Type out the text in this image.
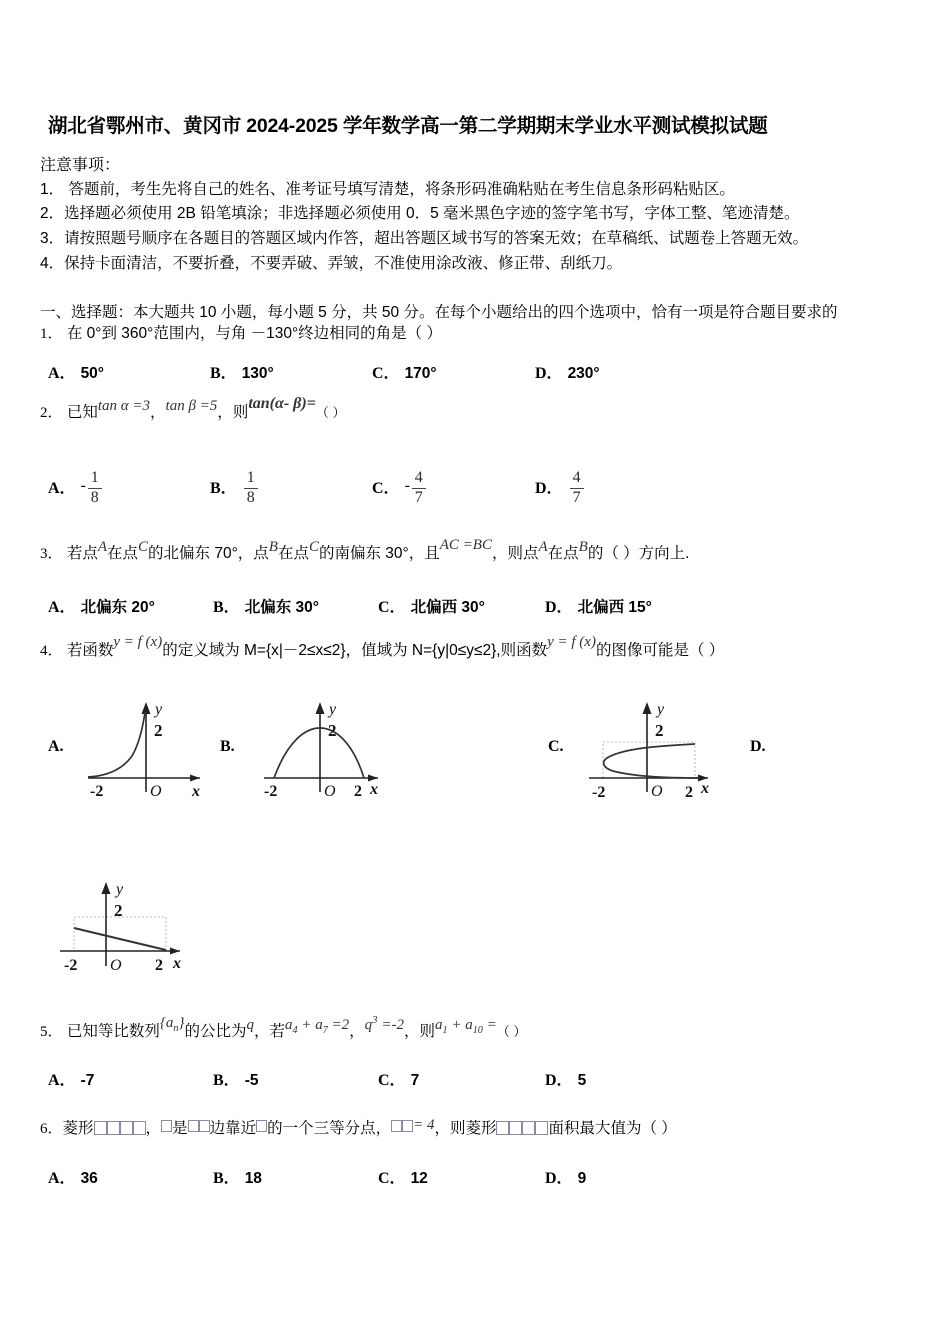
湖北省鄂州市、黄冈市 2024-2025 学年数学高一第二学期期末学业水平测试模拟试题
注意事项：
1． 答题前，考生先将自己的姓名、准考证号填写清楚，将条形码准确粘贴在考生信息条形码粘贴区。
2．选择题必须使用 2B 铅笔填涂；非选择题必须使用 0．5 毫米黑色字迹的签字笔书写，字体工整、笔迹清楚。
3．请按照题号顺序在各题目的答题区域内作答，超出答题区域书写的答案无效；在草稿纸、试题卷上答题无效。
4．保持卡面清洁，不要折叠，不要弄破、弄皱，不准使用涂改液、修正带、刮纸刀。
一、选择题：本大题共 10 小题，每小题 5 分，共 50 分。在每个小题给出的四个选项中，恰有一项是符合题目要求的
1． 在 0°到 360°范围内，与角 －130°终边相同的角是（ ）
A． 50°	B． 130°	C． 170°	D． 230°
2． 已知tan α =3，tan β =5，则tan(α- β)=（ ）
A． - $\frac{1}{8}$	B． $\frac{1}{8}$	C． - $\frac{4}{7}$	D． $\frac{4}{7}$
3． 若点A在点C的北偏东 70°，点B在点C的南偏东 30°，且AC =BC，则点A在点B的（ ）方向上.
A． 北偏东 20°	B． 北偏东 30°	C． 北偏西 30°	D． 北偏西 15°
4． 若函数y = f (x)的定义域为 M={x|－2≤x≤2}，值域为 N={y|0≤y≤2},则函数y = f (x)的图像可能是（ ）
A.
y
2
-2	O x
B.
y
2
-2	O 2 x
C.
y
2
-2	O 2 x
D.
y
2
-2 O 2 x
5． 已知等比数列$\{a_n\}$的公比为q，若$a_4 + a_7 =2$，$q^3 =-2$，则$a_1 + a_{10}$ =（ ）
A． -7	B． -5	C． 7	D． 5
6．菱形	， 是 边靠近 的一个三等分点，= 4，则菱形	面积最大值为（ ）
A． 36	B． 18	C． 12	D． 9
